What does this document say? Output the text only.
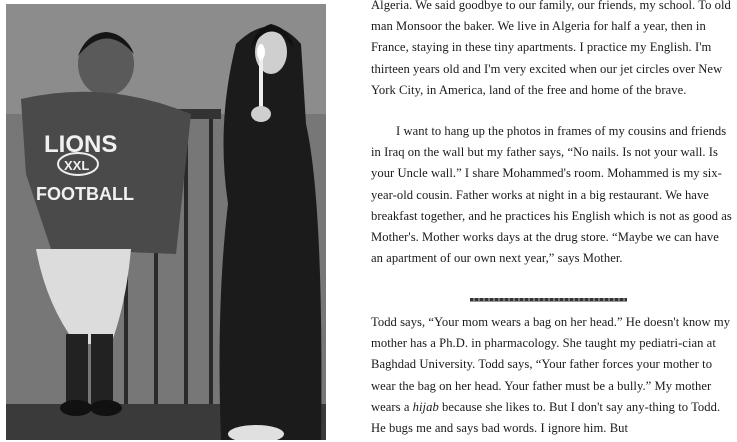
LIONS
XXL
FOOTBALL

Algeria. We said goodbye to our family, our friends, my school. To old man Monsoor the baker. We live in Algeria for half a year, then in France, staying in these tiny apartments. I practice my English. I'm thirteen years old and I'm very excited when our jet circles over New York City, in America, land of the free and home of the brave.

I want to hang up the photos in frames of my cousins and friends in Iraq on the wall but my father says, “No nails. Is not your wall. Is your Uncle wall.” I share Mohammed's room. Mohammed is my six-year-old cousin. Father works at night in a big restaurant. We have breakfast together, and he practices his English which is not as good as Mother's. Mother works days at the drug store. “Maybe we can have an apartment of our own next year,” says Mother.

Todd says, “Your mom wears a bag on her head.” He doesn't know my mother has a Ph.D. in pharmacology. She taught my pediatri-cian at Baghdad University. Todd says, “Your father forces your mother to wear the bag on her head. Your father must be a bully.” My mother wears a hijab because she likes to. But I don't say any-thing to Todd. He bugs me and says bad words. I ignore him. But
